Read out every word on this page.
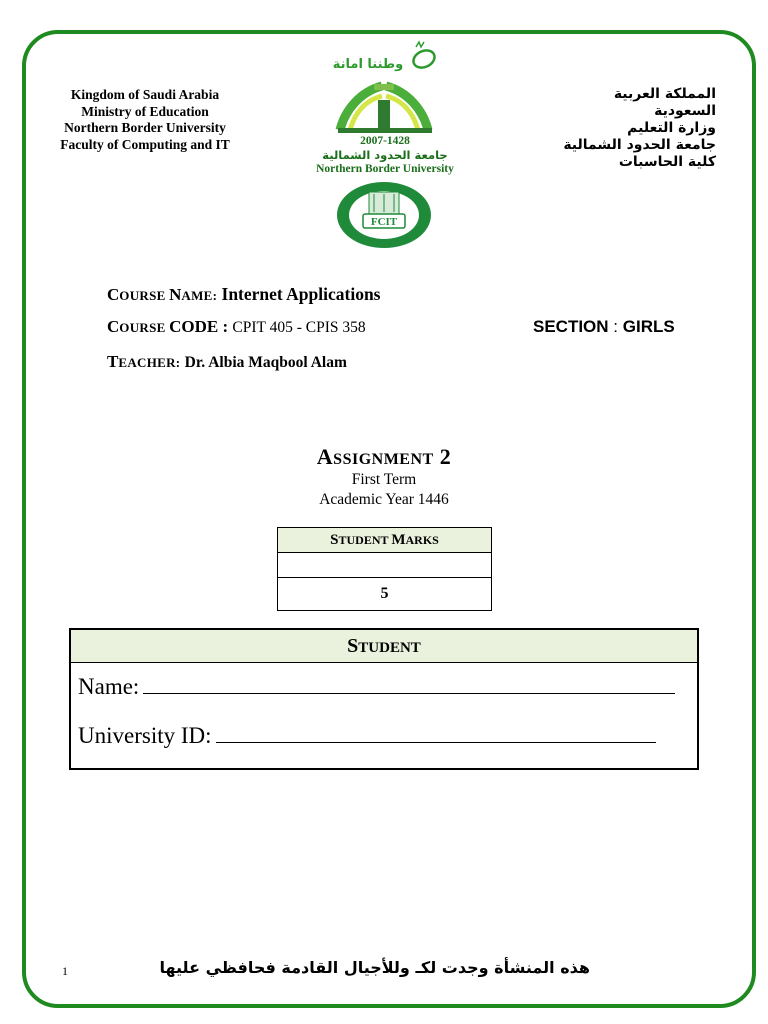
Kingdom of Saudi Arabia
Ministry of Education
Northern Border University
Faculty of Computing and IT
المملكة العربية
السعودية
وزارة التعليم
جامعة الحدود الشمالية
كلية الحاسبات
وطننا امانة
2007-1428
جامعة الحدود الشمالية
Northern Border University
FCIT
COURSE NAME: Internet Applications
COURSE CODE : CPIT 405 - CPIS 358	SECTION : GIRLS
TEACHER: Dr. Albia Maqbool Alam
ASSIGNMENT 2
First Term
Academic Year 1446
STUDENT MARKS

5
STUDENT
Name:
University ID:
1	هذه المنشأة وجدت لكـ وللأجيال القادمة فحافظي عليها
